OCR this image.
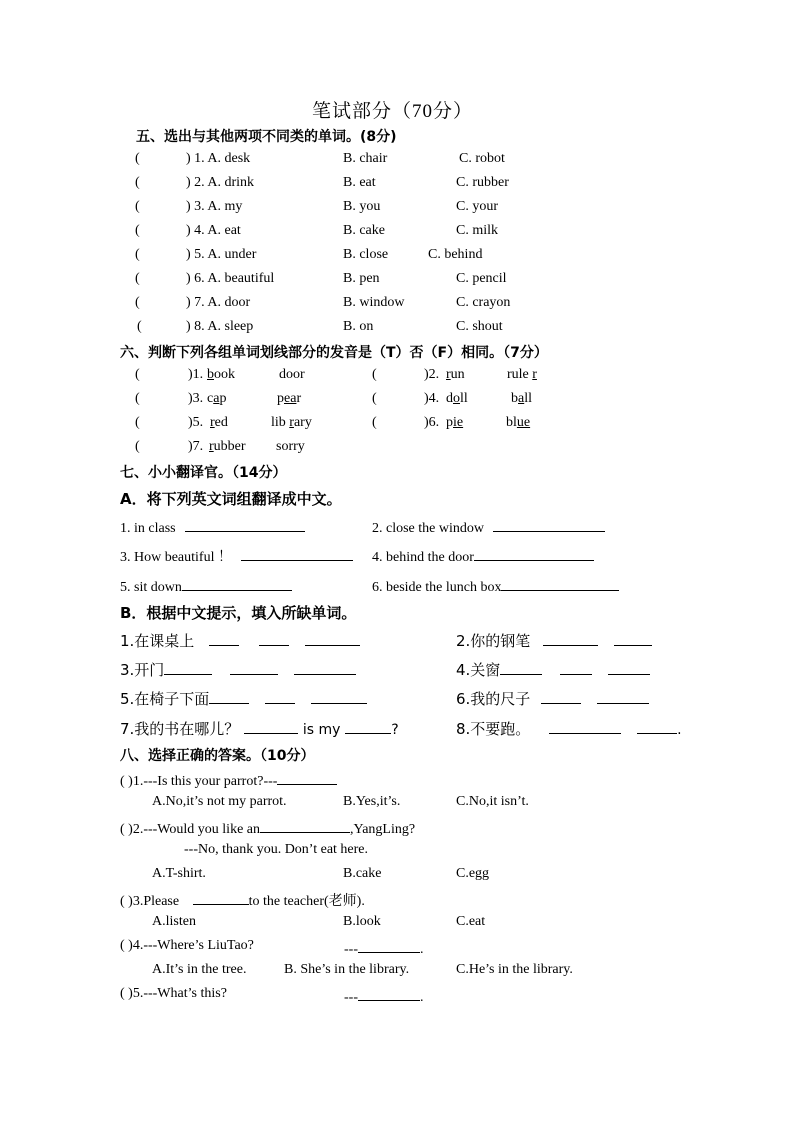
笔试部分（70分）
五、选出与其他两项不同类的单词。(8分)
(	) 1. A. desk	B. chair	C. robot
(	) 2. A. drink	B. eat	C. rubber
(	) 3. A. my	B. you	C. your
(	) 4. A. eat	B. cake	C. milk
(	) 5. A. under	B. close	C. behind
(	) 6. A. beautiful	B. pen	C. pencil
(	) 7. A. door	B. window	C. crayon
(	) 8. A. sleep	B. on	C. shout
六、判断下列各组单词划线部分的发音是（T）否（F）相同。（7分）
(	)1. book	door	(	)2. run	rule r
(	)3. cap	pear	(	)4. doll	ball
(	)5. red	lib rary	(	)6. pie	blue
(	)7. rubber sorry
七、小小翻译官。（14分）
A．将下列英文词组翻译成中文。
1. in class	2. close the window
3. How beautiful ！	4. behind the door
5. sit down	6. beside the lunch box
B．根据中文提示，填入所缺单词。
1.在课桌上	2.你的钢笔
3.开门	4.关窗
5.在椅子下面	6.我的尺子
7.我的书在哪儿？	is my	?	8.不要跑。	.
八、选择正确的答案。（10分）
( )1.---Is this your parrot?---
A.No,it’s not my parrot.	B.Yes,it’s.	C.No,it isn’t.
( )2.---Would you like an	,YangLing?
---No, thank you. Don’t eat here.
A.T-shirt.	B.cake	C.egg
( )3.Please	to the teacher(老师).
A.listen	B.look	C.eat
( )4.---Where’s LiuTao?	---	.
A.It’s in the tree.	B. She’s in the library.	C.He’s in the library.
( )5.---What’s this?	---	.
